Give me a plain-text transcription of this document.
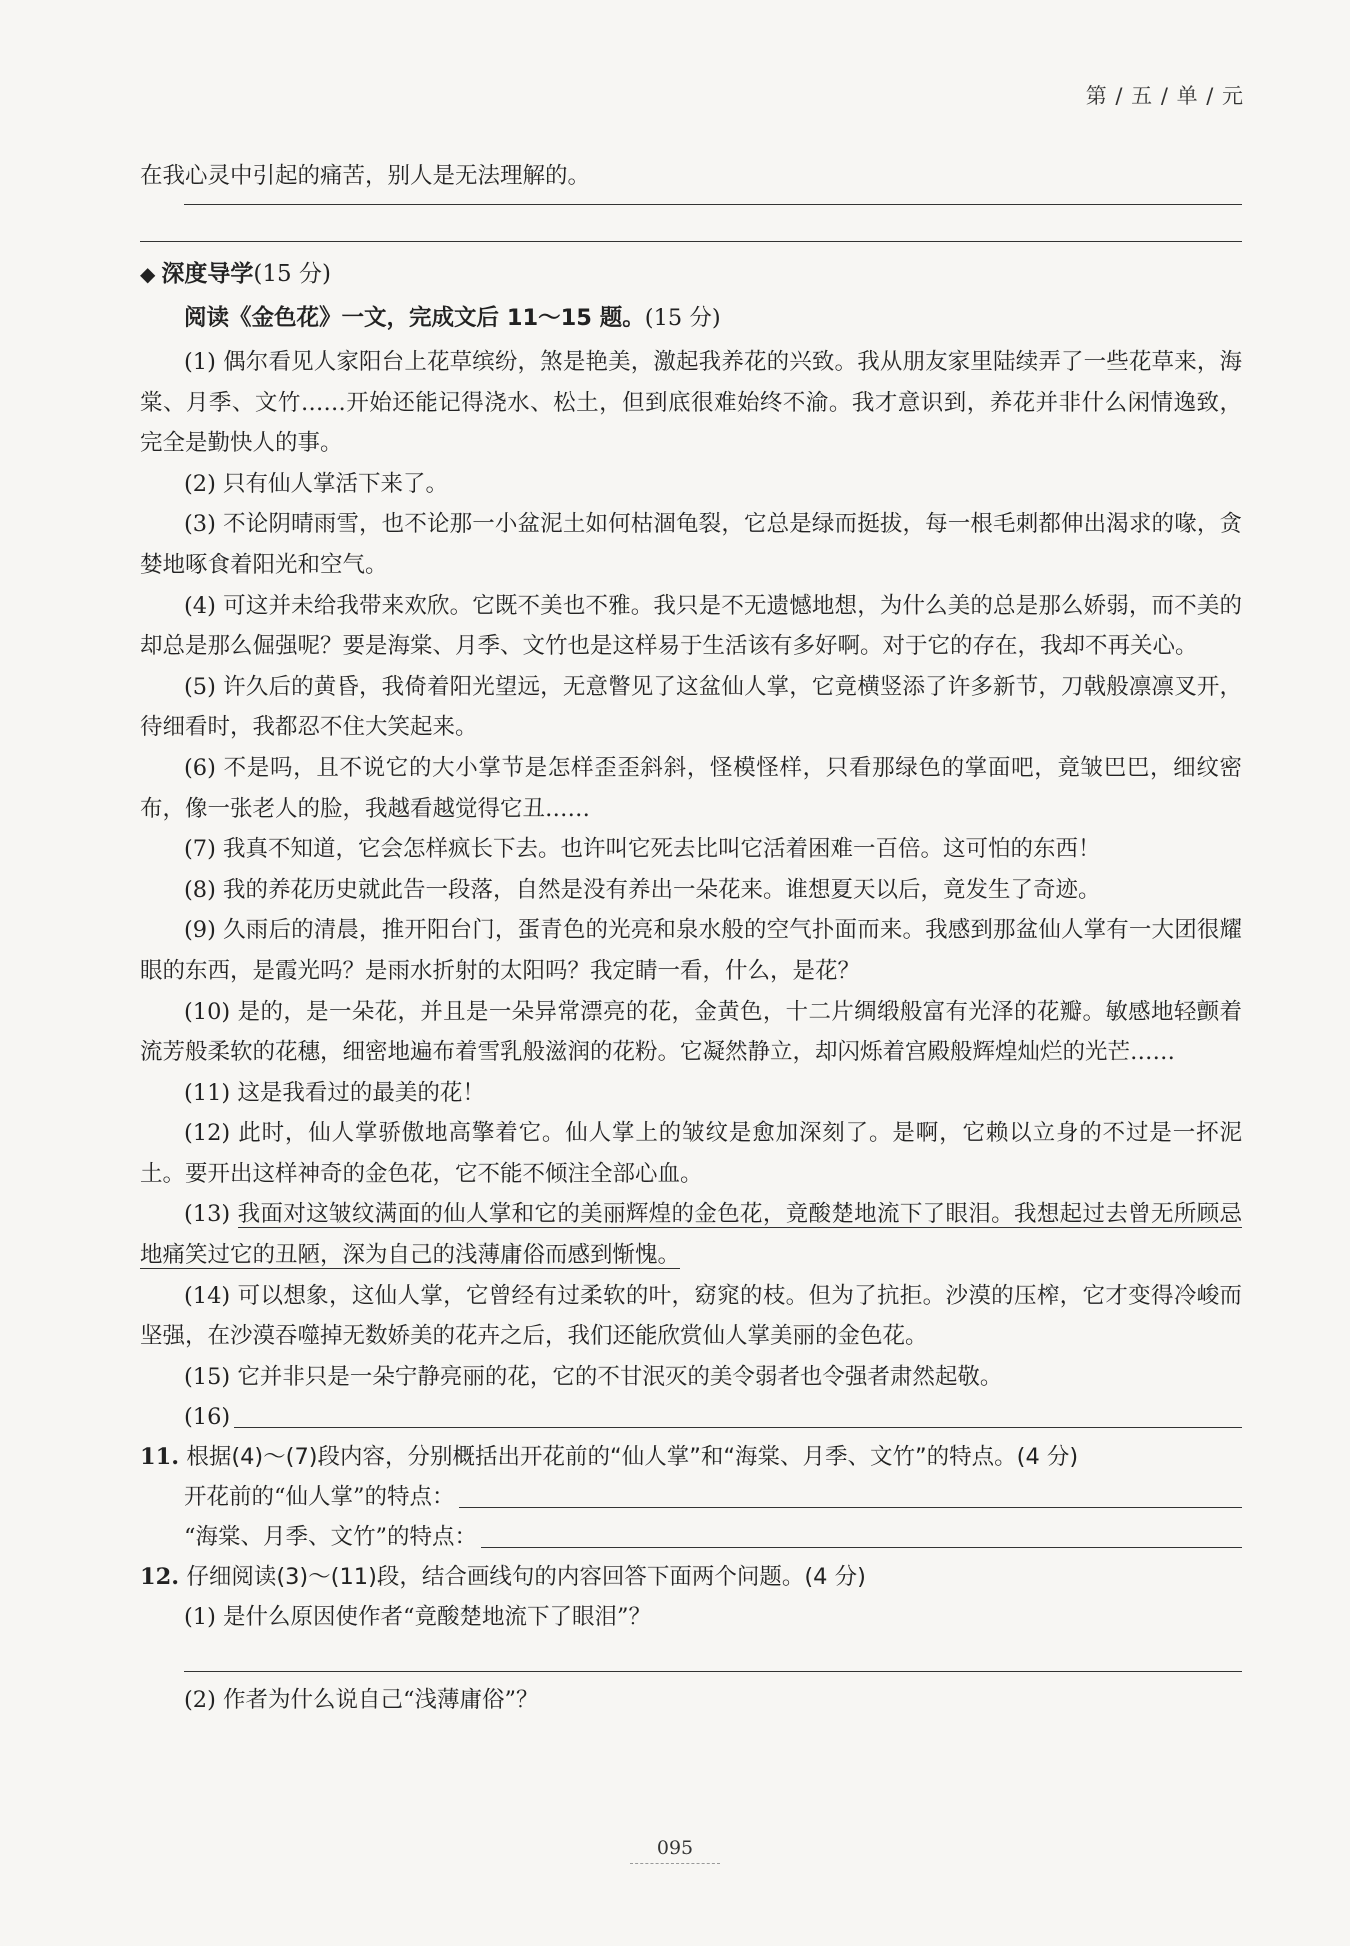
第 / 五 / 单 / 元

在我心灵中引起的痛苦，别人是无法理解的。

◆ 深度导学(15 分)

阅读《金色花》一文，完成文后 11～15 题。(15 分)

(1) 偶尔看见人家阳台上花草缤纷，煞是艳美，激起我养花的兴致。我从朋友家里陆续弄了一些花草来，海棠、月季、文竹……开始还能记得浇水、松土，但到底很难始终不渝。我才意识到，养花并非什么闲情逸致，完全是勤快人的事。

(2) 只有仙人掌活下来了。

(3) 不论阴晴雨雪，也不论那一小盆泥土如何枯涸龟裂，它总是绿而挺拔，每一根毛刺都伸出渴求的喙，贪婪地啄食着阳光和空气。

(4) 可这并未给我带来欢欣。它既不美也不雅。我只是不无遗憾地想，为什么美的总是那么娇弱，而不美的却总是那么倔强呢？要是海棠、月季、文竹也是这样易于生活该有多好啊。对于它的存在，我却不再关心。

(5) 许久后的黄昏，我倚着阳光望远，无意瞥见了这盆仙人掌，它竟横竖添了许多新节，刀戟般凛凛叉开，待细看时，我都忍不住大笑起来。

(6) 不是吗，且不说它的大小掌节是怎样歪歪斜斜，怪模怪样，只看那绿色的掌面吧，竟皱巴巴，细纹密布，像一张老人的脸，我越看越觉得它丑……

(7) 我真不知道，它会怎样疯长下去。也许叫它死去比叫它活着困难一百倍。这可怕的东西！

(8) 我的养花历史就此告一段落，自然是没有养出一朵花来。谁想夏天以后，竟发生了奇迹。

(9) 久雨后的清晨，推开阳台门，蛋青色的光亮和泉水般的空气扑面而来。我感到那盆仙人掌有一大团很耀眼的东西，是霞光吗？是雨水折射的太阳吗？我定睛一看，什么，是花？

(10) 是的，是一朵花，并且是一朵异常漂亮的花，金黄色，十二片绸缎般富有光泽的花瓣。敏感地轻颤着流芳般柔软的花穗，细密地遍布着雪乳般滋润的花粉。它凝然静立，却闪烁着宫殿般辉煌灿烂的光芒……

(11) 这是我看过的最美的花！

(12) 此时，仙人掌骄傲地高擎着它。仙人掌上的皱纹是愈加深刻了。是啊，它赖以立身的不过是一抔泥土。要开出这样神奇的金色花，它不能不倾注全部心血。

(13) 我面对这皱纹满面的仙人掌和它的美丽辉煌的金色花，竟酸楚地流下了眼泪。我想起过去曾无所顾忌地痛笑过它的丑陋，深为自己的浅薄庸俗而感到惭愧。

(14) 可以想象，这仙人掌，它曾经有过柔软的叶，窈窕的枝。但为了抗拒。沙漠的压榨，它才变得冷峻而坚强，在沙漠吞噬掉无数娇美的花卉之后，我们还能欣赏仙人掌美丽的金色花。

(15) 它并非只是一朵宁静亮丽的花，它的不甘泯灭的美令弱者也令强者肃然起敬。

(16)

11. 根据(4)～(7)段内容，分别概括出开花前的“仙人掌”和“海棠、月季、文竹”的特点。(4 分)

开花前的“仙人掌”的特点：
“海棠、月季、文竹”的特点：

12. 仔细阅读(3)～(11)段，结合画线句的内容回答下面两个问题。(4 分)

(1) 是什么原因使作者“竟酸楚地流下了眼泪”？

(2) 作者为什么说自己“浅薄庸俗”？

095
